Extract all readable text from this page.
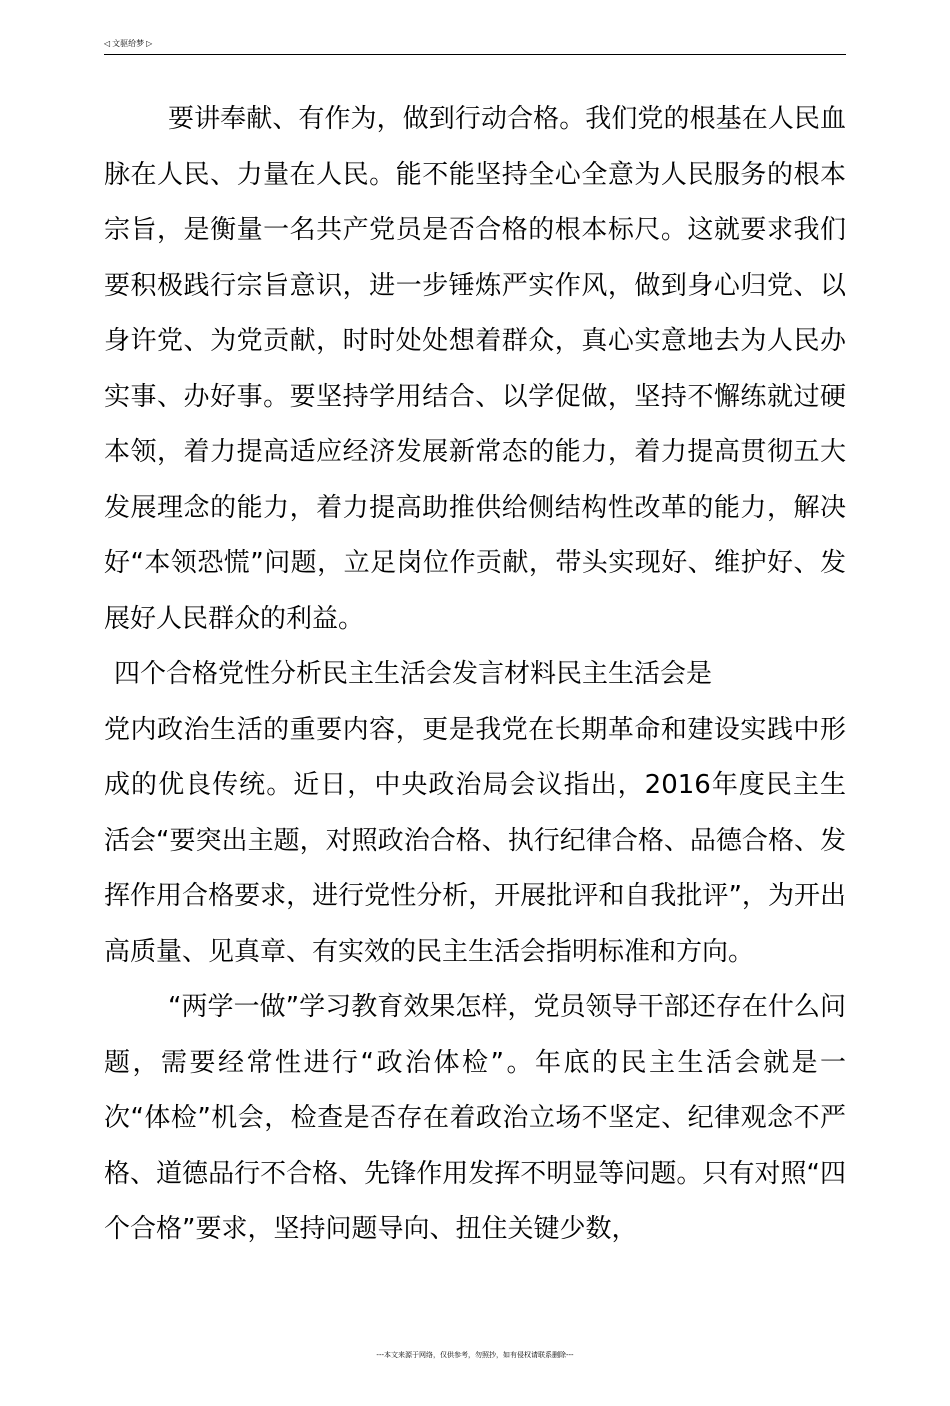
◁ 文驱给梦 ▷

要讲奉献、有作为，做到行动合格。我们党的根基在人民血脉在人民、力量在人民。能不能坚持全心全意为人民服务的根本宗旨，是衡量一名共产党员是否合格的根本标尺。这就要求我们要积极践行宗旨意识，进一步锤炼严实作风，做到身心归党、以身许党、为党贡献，时时处处想着群众，真心实意地去为人民办实事、办好事。要坚持学用结合、以学促做，坚持不懈练就过硬本领，着力提高适应经济发展新常态的能力，着力提高贯彻五大发展理念的能力，着力提高助推供给侧结构性改革的能力，解决好“本领恐慌”问题，立足岗位作贡献，带头实现好、维护好、发展好人民群众的利益。

四个合格党性分析民主生活会发言材料民主生活会是

党内政治生活的重要内容，更是我党在长期革命和建设实践中形成的优良传统。近日，中央政治局会议指出，2016年度民主生活会“要突出主题，对照政治合格、执行纪律合格、品德合格、发挥作用合格要求，进行党性分析，开展批评和自我批评”，为开出高质量、见真章、有实效的民主生活会指明标准和方向。

“两学一做”学习教育效果怎样，党员领导干部还存在什么问题，需要经常性进行“政治体检”。年底的民主生活会就是一次“体检”机会，检查是否存在着政治立场不坚定、纪律观念不严格、道德品行不合格、先锋作用发挥不明显等问题。只有对照“四个合格”要求，坚持问题导向、扭住关键少数，

---本文来源于网络，仅供参考，勿照抄，如有侵权请联系删除---
